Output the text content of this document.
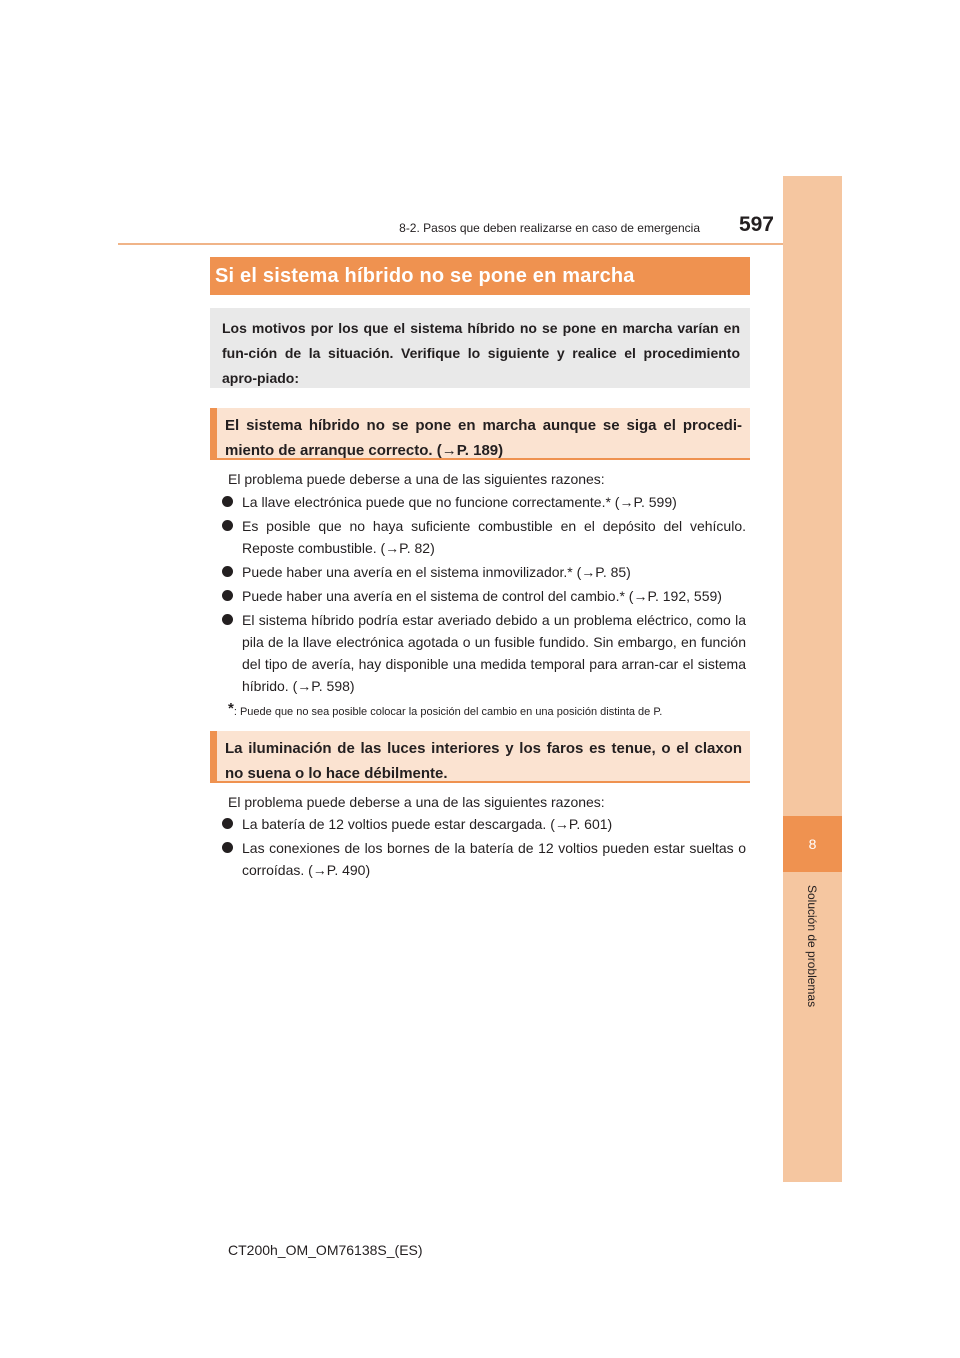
8
Solución de problemas
8-2. Pasos que deben realizarse en caso de emergencia	597
Si el sistema híbrido no se pone en marcha
Los motivos por los que el sistema híbrido no se pone en marcha varían en fun-ción de la situación. Verifique lo siguiente y realice el procedimiento apro-piado:
El sistema híbrido no se pone en marcha aunque se siga el procedi-miento de arranque correcto. (→P. 189)
El problema puede deberse a una de las siguientes razones:
La llave electrónica puede que no funcione correctamente.* (→P. 599)
Es posible que no haya suficiente combustible en el depósito del vehículo. Reposte combustible. (→P. 82)
Puede haber una avería en el sistema inmovilizador.* (→P. 85)
Puede haber una avería en el sistema de control del cambio.* (→P. 192, 559)
El sistema híbrido podría estar averiado debido a un problema eléctrico, como la pila de la llave electrónica agotada o un fusible fundido. Sin embargo, en función del tipo de avería, hay disponible una medida temporal para arran-car el sistema híbrido. (→P. 598)
*: Puede que no sea posible colocar la posición del cambio en una posición distinta de P.
La iluminación de las luces interiores y los faros es tenue, o el claxon no suena o lo hace débilmente.
El problema puede deberse a una de las siguientes razones:
La batería de 12 voltios puede estar descargada. (→P. 601)
Las conexiones de los bornes de la batería de 12 voltios pueden estar sueltas o corroídas. (→P. 490)
CT200h_OM_OM76138S_(ES)
